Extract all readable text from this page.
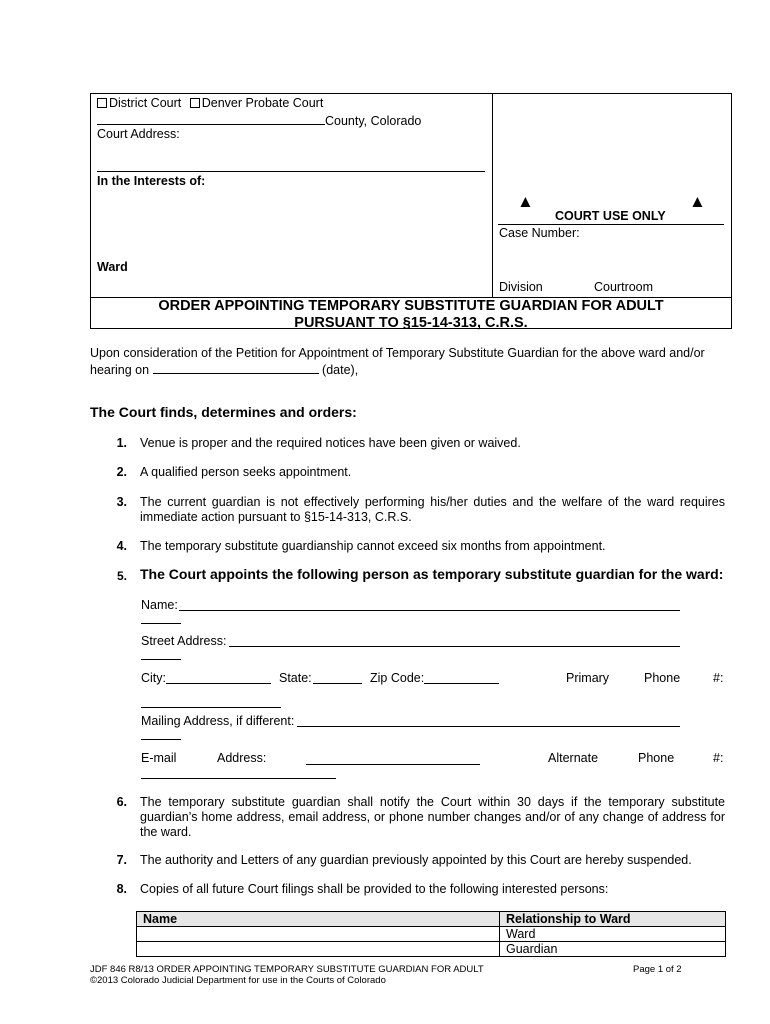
District Court Denver Probate Court
County, Colorado
Court Address:
In the Interests of:
Ward
▲	▲
COURT USE ONLY
Case Number:
Division	Courtroom
ORDER APPOINTING TEMPORARY SUBSTITUTE GUARDIAN FOR ADULT
PURSUANT TO §15-14-313, C.R.S.
Upon consideration of the Petition for Appointment of Temporary Substitute Guardian for the above ward and/or
hearing on	(date),
The Court finds, determines and orders:
1. Venue is proper and the required notices have been given or waived.
2. A qualified person seeks appointment.
3. The current guardian is not effectively performing his/her duties and the welfare of the ward requires immediate action pursuant to §15-14-313, C.R.S.
4. The temporary substitute guardianship cannot exceed six months from appointment.
5. The Court appoints the following person as temporary substitute guardian for the ward:
Name:
Street Address:
City:	State:	Zip Code:	Primary	Phone	#:
Mailing Address, if different:
E-mail	Address:	Alternate	Phone	#:
6. The temporary substitute guardian shall notify the Court within 30 days if the temporary substitute guardian’s home address, email address, or phone number changes and/or of any change of address for the ward.
7. The authority and Letters of any guardian previously appointed by this Court are hereby suspended.
8. Copies of all future Court filings shall be provided to the following interested persons:
Name	Relationship to Ward
	Ward
	Guardian
JDF 846 R8/13 ORDER APPOINTING TEMPORARY SUBSTITUTE GUARDIAN FOR ADULT	Page 1 of 2
©2013 Colorado Judicial Department for use in the Courts of Colorado
